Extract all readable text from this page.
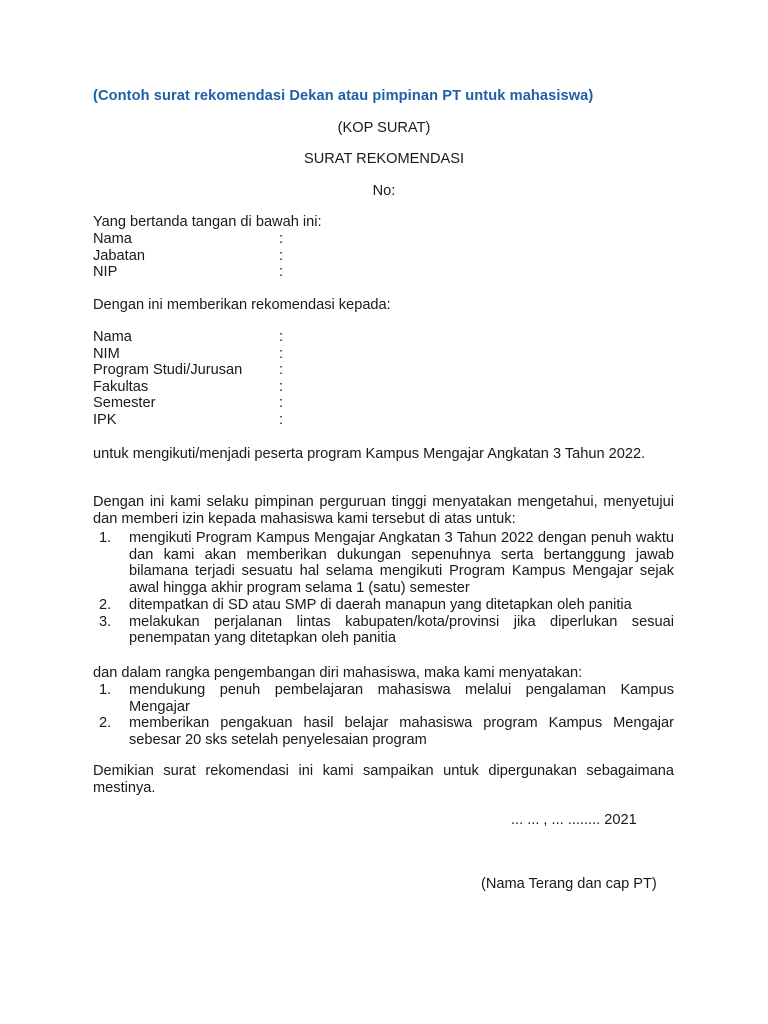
(Contoh surat rekomendasi Dekan atau pimpinan PT untuk mahasiswa)

(KOP SURAT)

SURAT REKOMENDASI

No:

Yang bertanda tangan di bawah ini:

Nama	:
Jabatan	:
NIP	:

Dengan ini memberikan rekomendasi kepada:

Nama	:
NIM	:
Program Studi/Jurusan	:
Fakultas	:
Semester	:
IPK	:

untuk mengikuti/menjadi peserta program Kampus Mengajar Angkatan 3 Tahun 2022.

Dengan ini kami selaku pimpinan perguruan tinggi menyatakan mengetahui, menyetujui dan memberi izin kepada mahasiswa kami tersebut di atas untuk:

1.	mengikuti Program Kampus Mengajar Angkatan 3 Tahun 2022 dengan penuh waktu dan kami akan memberikan dukungan sepenuhnya serta bertanggung jawab bilamana terjadi sesuatu hal selama mengikuti Program Kampus Mengajar sejak awal hingga akhir program selama 1 (satu) semester
2.	ditempatkan di SD atau SMP di daerah manapun yang ditetapkan oleh panitia
3.	melakukan perjalanan lintas kabupaten/kota/provinsi jika diperlukan sesuai penempatan yang ditetapkan oleh panitia

dan dalam rangka pengembangan diri mahasiswa, maka kami menyatakan:

1.	mendukung penuh pembelajaran mahasiswa melalui pengalaman Kampus Mengajar
2.	memberikan pengakuan hasil belajar mahasiswa program Kampus Mengajar sebesar 20 sks setelah penyelesaian program

Demikian surat rekomendasi ini kami sampaikan untuk dipergunakan sebagaimana mestinya.

... ... , ... ........ 2021

(Nama Terang dan cap PT)
